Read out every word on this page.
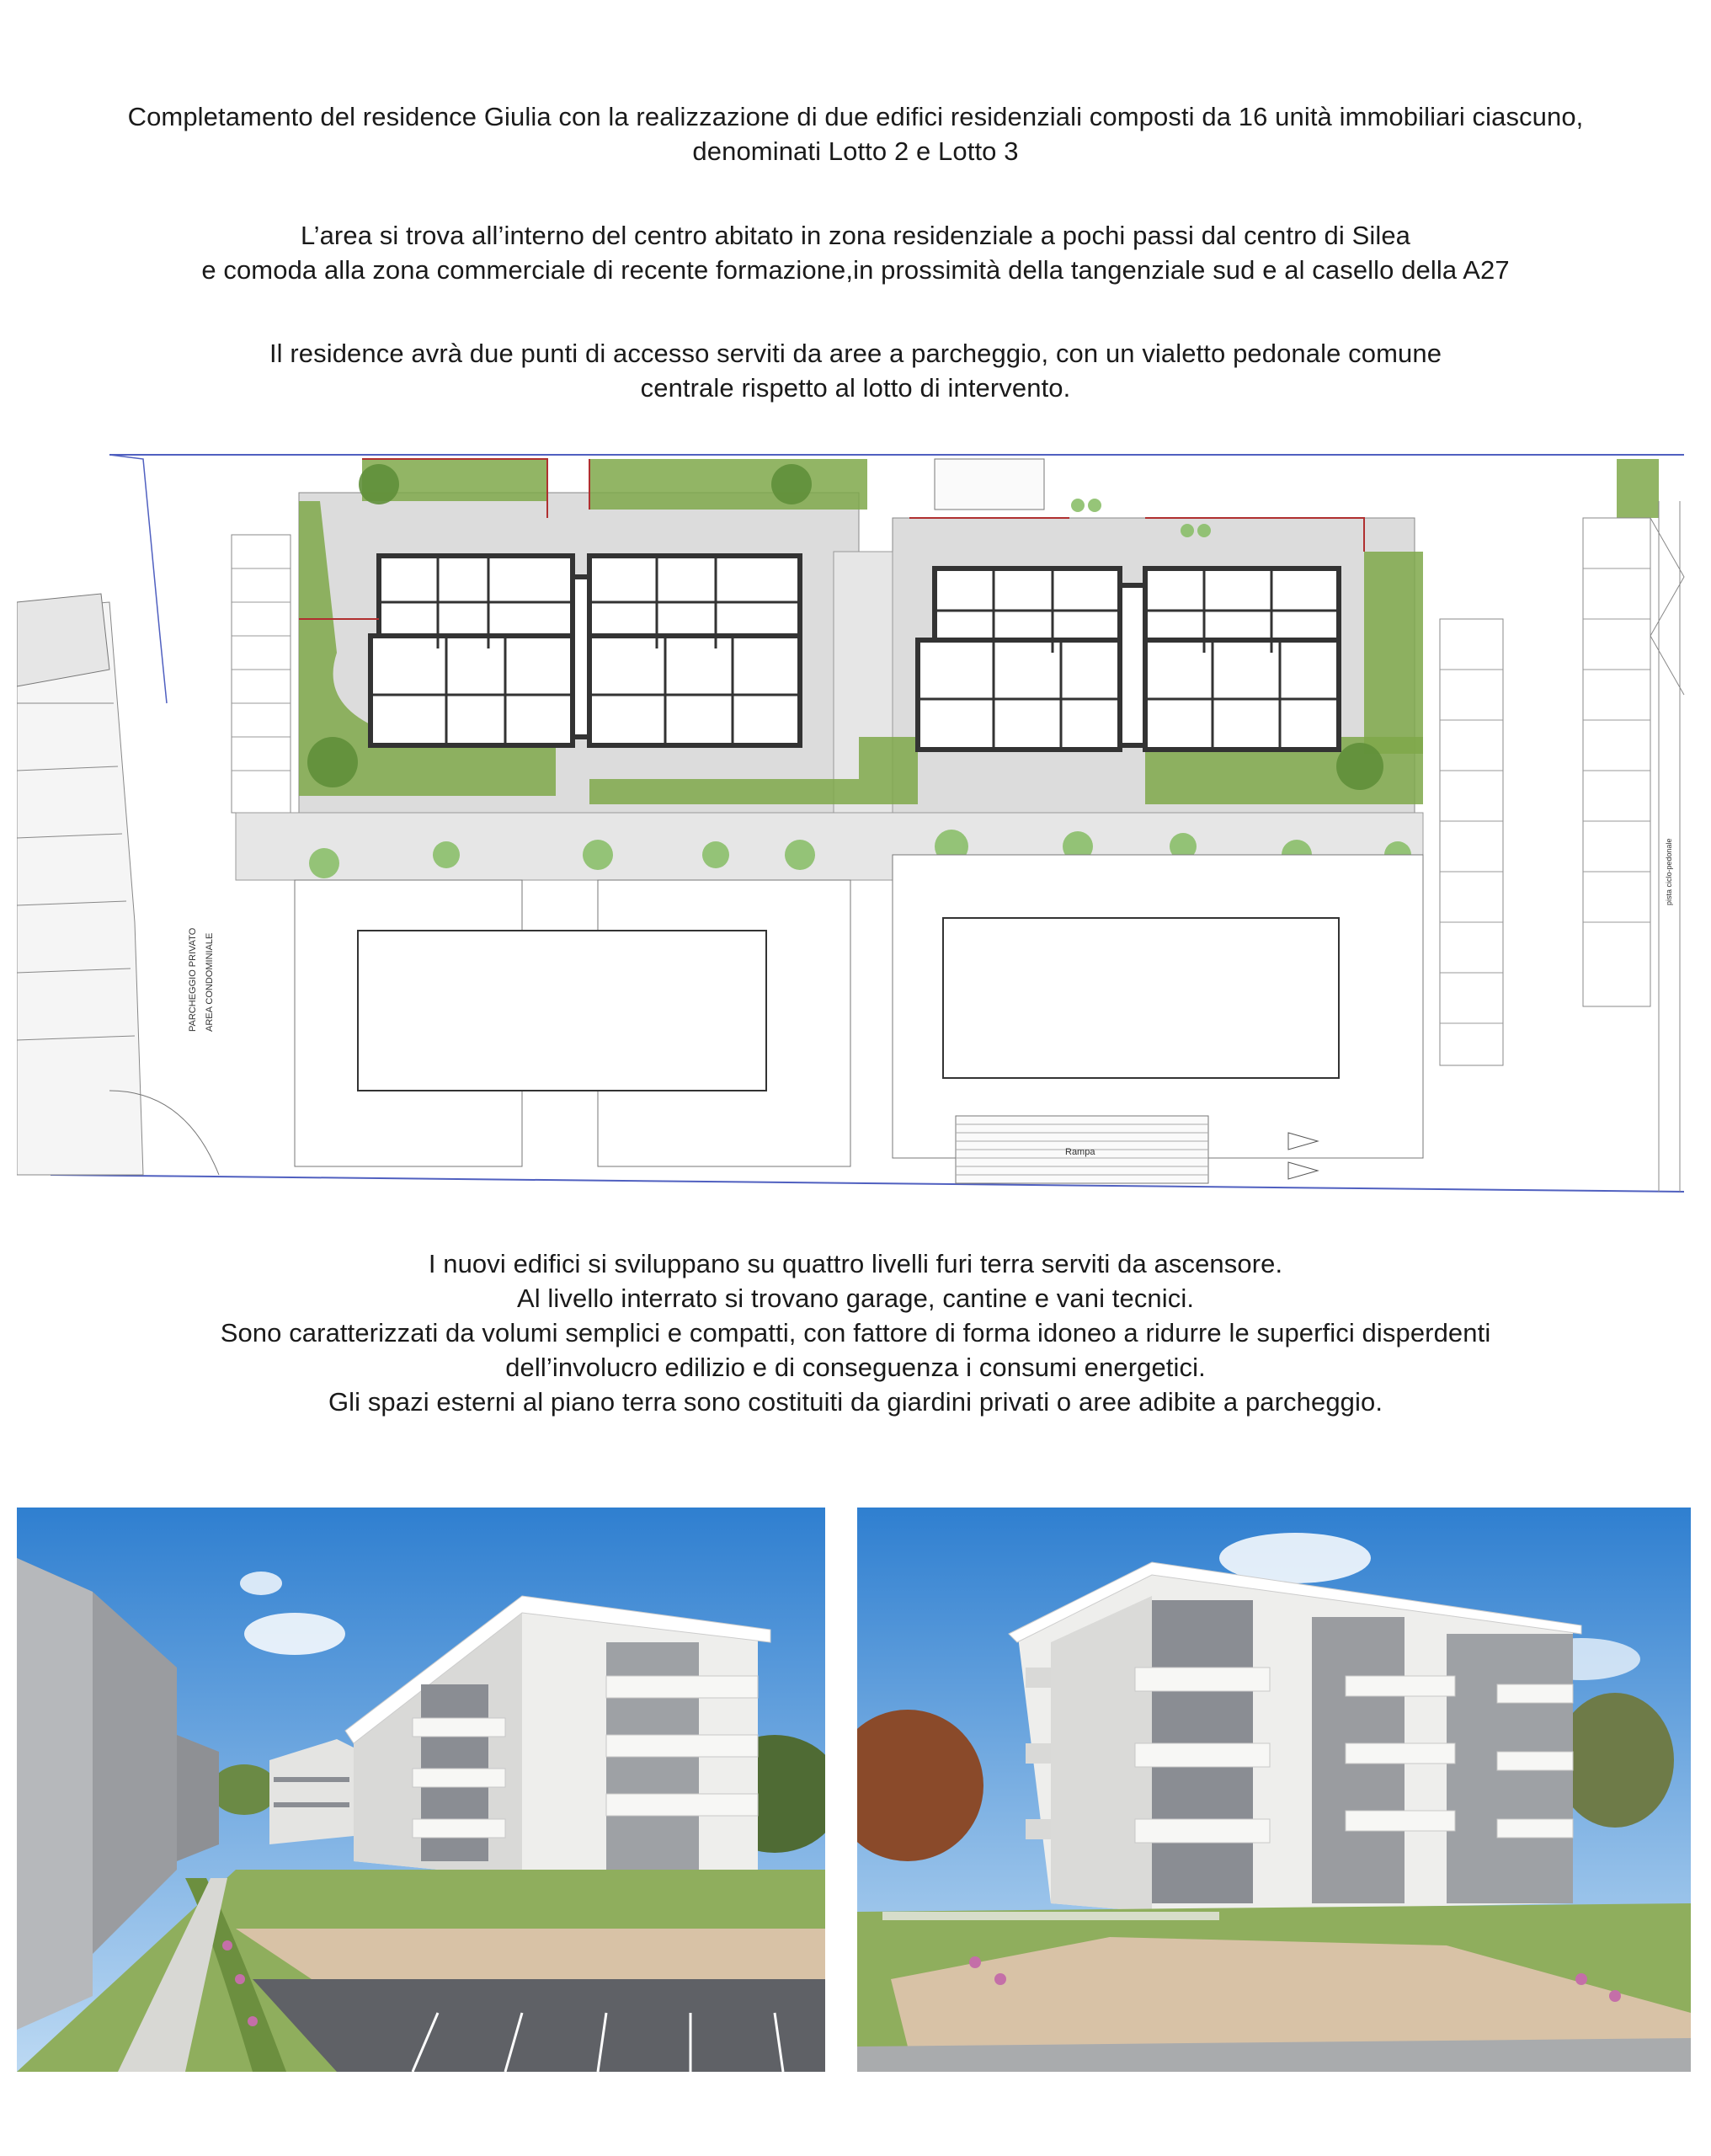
Completamento del residence Giulia con la realizzazione di due edifici residenziali composti da 16 unità immobiliari ciascuno,
denominati Lotto 2 e Lotto 3
L’area si trova all’interno del centro abitato in zona residenziale a pochi passi dal centro di Silea
e comoda alla zona commerciale di recente formazione,in prossimità della tangenziale sud e al casello della A27
Il residence avrà due punti di accesso serviti da aree a parcheggio, con un vialetto pedonale comune
centrale rispetto al lotto di intervento.
PARCHEGGIO PRIVATO AREA CONDOMINIALE
Rampa
pista ciclo-pedonale
I nuovi edifici si sviluppano su quattro livelli furi terra serviti da ascensore.
Al livello interrato si trovano garage, cantine e vani tecnici.
Sono caratterizzati da volumi semplici e compatti, con fattore di forma idoneo a ridurre le superfici disperdenti
dell’involucro edilizio e di conseguenza i consumi energetici.
Gli spazi esterni al piano terra sono costituiti da giardini privati o aree adibite a parcheggio.
